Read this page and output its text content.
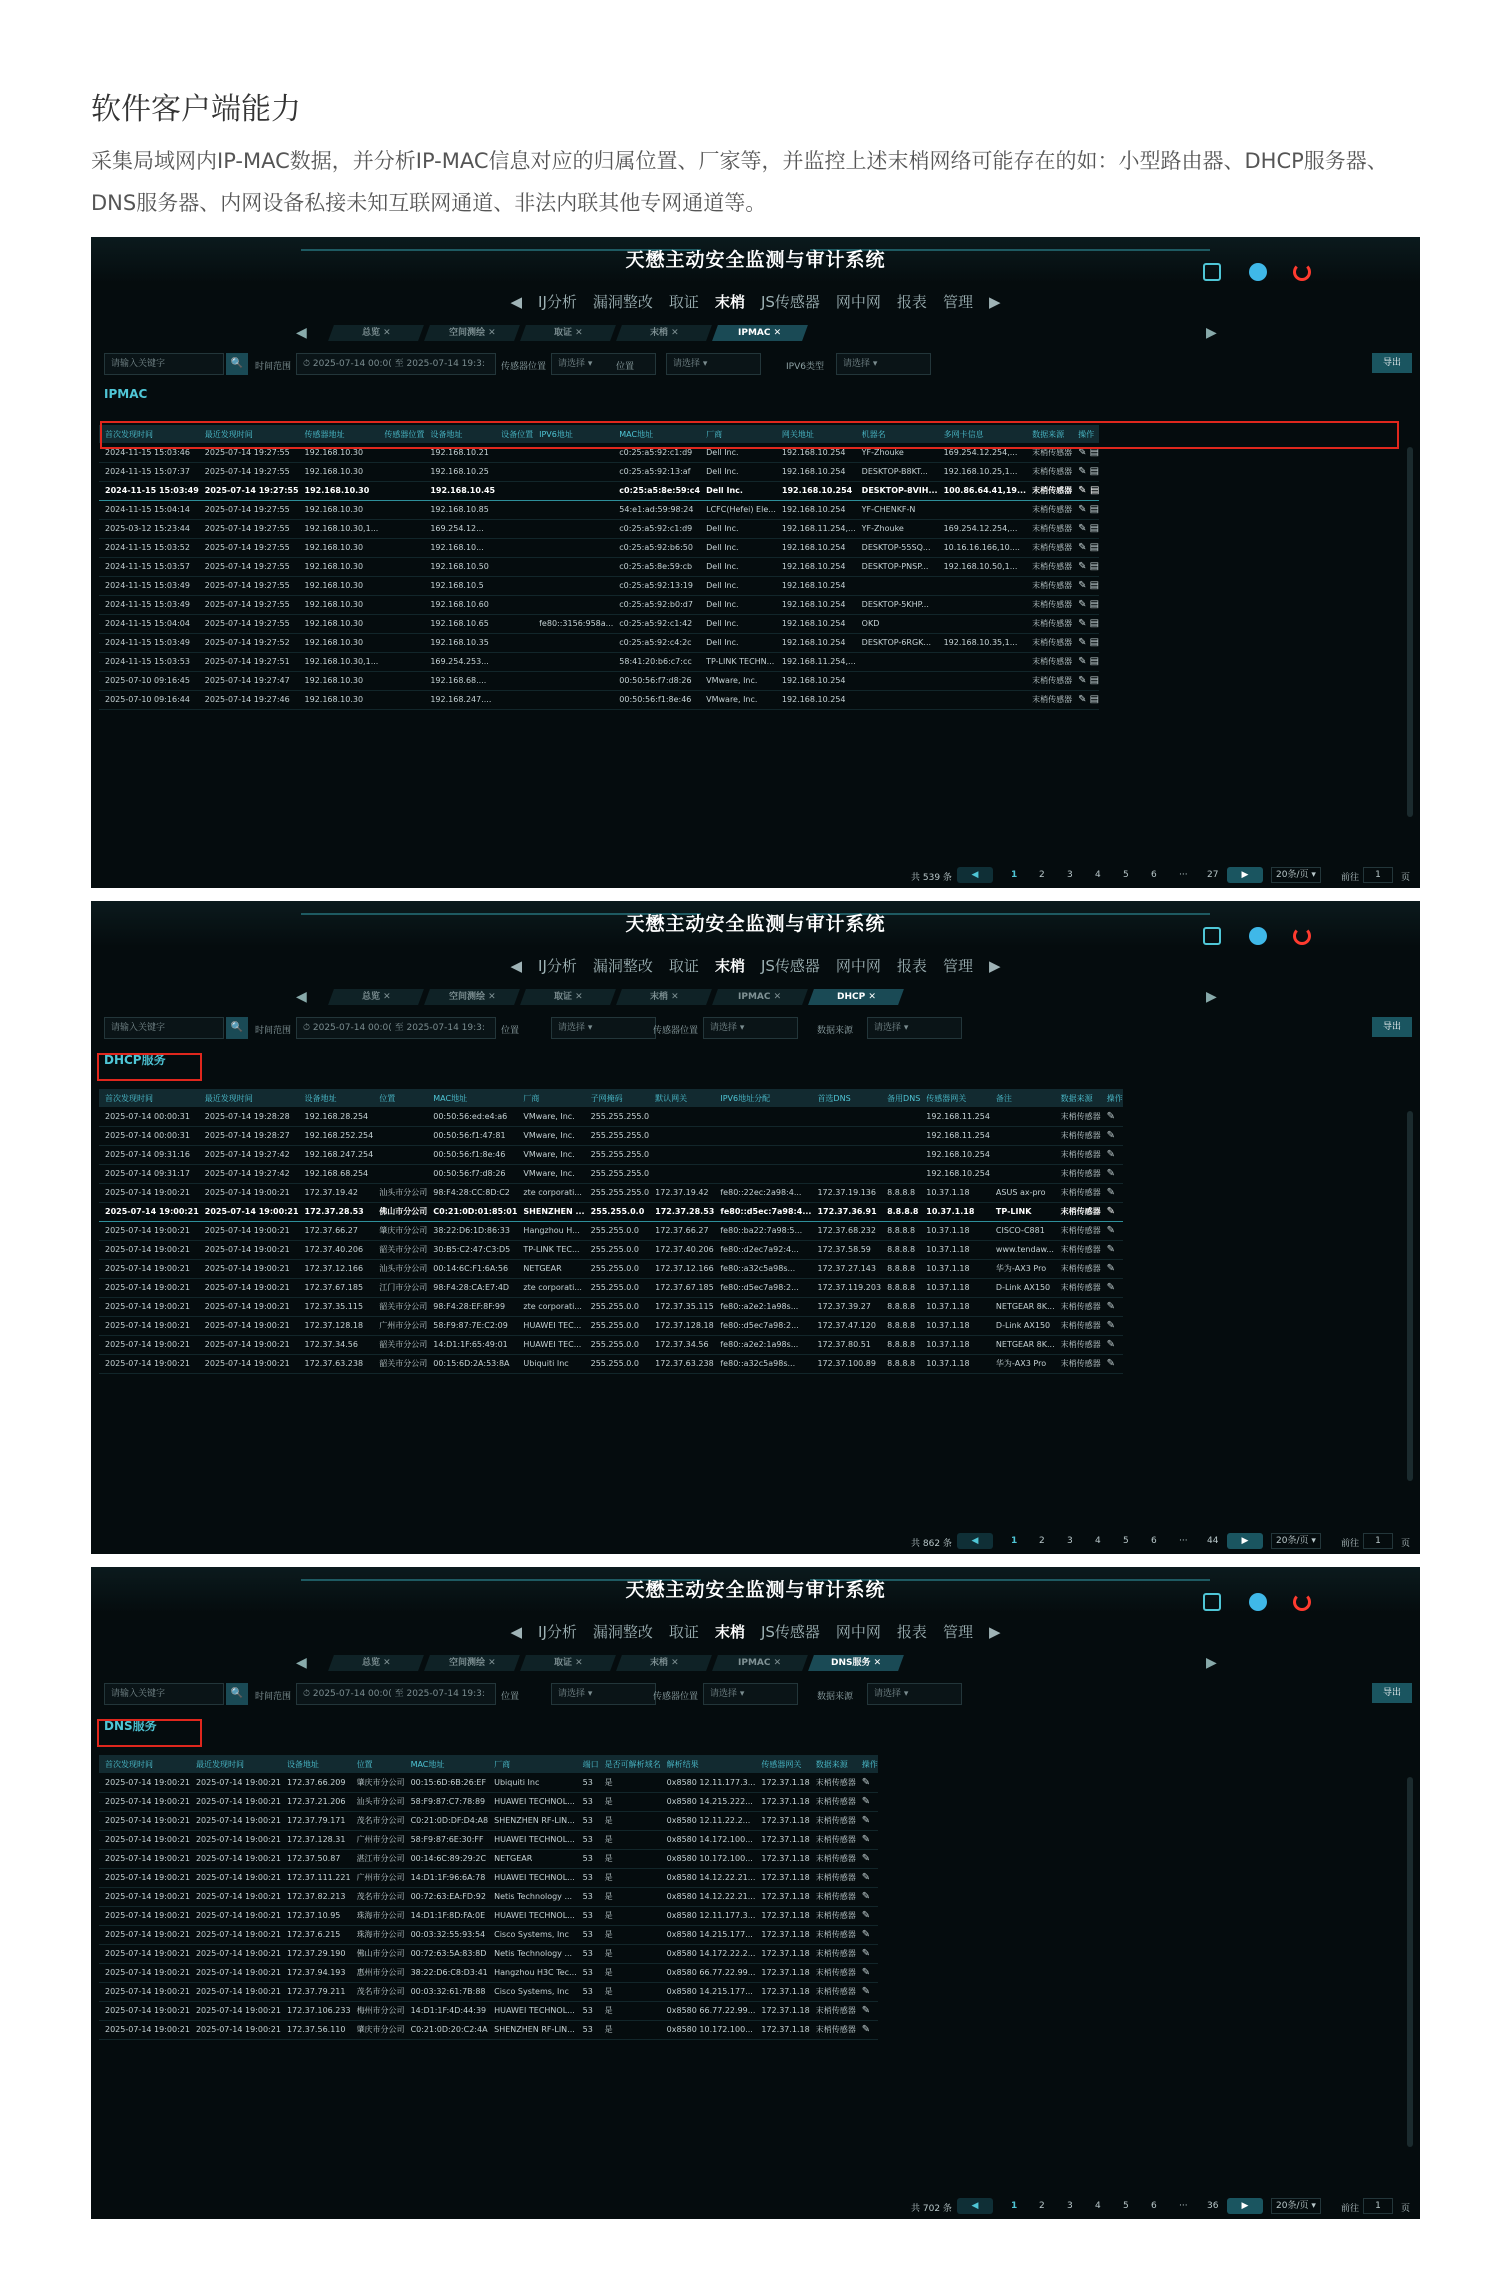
软件客户端能力
采集局域网内IP-MAC数据，并分析IP-MAC信息对应的归属位置、厂家等，并监控上述末梢网络可能存在的如：小型路由器、DHCP服务器、DNS服务器、内网设备私接未知互联网通道、非法内联其他专网通道等。
天懋主动安全监测与审计系统
◀ IJ分析 漏洞整改 取证 末梢 JS传感器 网中网 报表 管理 ▶
◀	总览 ✕	空间测绘 ✕	取证 ✕	末梢 ✕	IPMAC ✕	▶
请输入关键字	🔍	时间范围	⏱ 2025-07-14 00:0( 至 2025-07-14 19:3:	传感器位置	请选择 ▾	位置	请选择 ▾	IPV6类型	请选择 ▾	导出
IPMAC
首次发现时间	最近发现时间	传感器地址	传感器位置	设备地址	设备位置	IPV6地址	MAC地址	厂商	网关地址	机器名	多网卡信息	数据来源	操作
2024-11-15 15:03:46	2025-07-14 19:27:55	192.168.10.30		192.168.10.21			c0:25:a5:92:c1:d9	Dell Inc.	192.168.10.254	YF-Zhouke	169.254.12.254,...	末梢传感器	✎ ▤
2024-11-15 15:07:37	2025-07-14 19:27:55	192.168.10.30		192.168.10.25			c0:25:a5:92:13:af	Dell Inc.	192.168.10.254	DESKTOP-B8KT...	192.168.10.25,1...	末梢传感器	✎ ▤
2024-11-15 15:03:49	2025-07-14 19:27:55	192.168.10.30		192.168.10.45			c0:25:a5:8e:59:c4	Dell Inc.	192.168.10.254	DESKTOP-8VIH...	100.86.64.41,19...	末梢传感器	✎ ▤
2024-11-15 15:04:14	2025-07-14 19:27:55	192.168.10.30		192.168.10.85			54:e1:ad:59:98:24	LCFC(Hefei) Ele...	192.168.10.254	YF-CHENKF-N		末梢传感器	✎ ▤
2025-03-12 15:23:44	2025-07-14 19:27:55	192.168.10.30,1...		169.254.12...			c0:25:a5:92:c1:d9	Dell Inc.	192.168.11.254,...	YF-Zhouke	169.254.12.254,...	末梢传感器	✎ ▤
2024-11-15 15:03:52	2025-07-14 19:27:55	192.168.10.30		192.168.10...			c0:25:a5:92:b6:50	Dell Inc.	192.168.10.254	DESKTOP-55SQ...	10.16.16.166,10....	末梢传感器	✎ ▤
2024-11-15 15:03:57	2025-07-14 19:27:55	192.168.10.30		192.168.10.50			c0:25:a5:8e:59:cb	Dell Inc.	192.168.10.254	DESKTOP-PNSP...	192.168.10.50,1...	末梢传感器	✎ ▤
2024-11-15 15:03:49	2025-07-14 19:27:55	192.168.10.30		192.168.10.5			c0:25:a5:92:13:19	Dell Inc.	192.168.10.254			末梢传感器	✎ ▤
2024-11-15 15:03:49	2025-07-14 19:27:55	192.168.10.30		192.168.10.60			c0:25:a5:92:b0:d7	Dell Inc.	192.168.10.254	DESKTOP-5KHP...		末梢传感器	✎ ▤
2024-11-15 15:04:04	2025-07-14 19:27:55	192.168.10.30		192.168.10.65		fe80::3156:958a...	c0:25:a5:92:c1:42	Dell Inc.	192.168.10.254	OKD		末梢传感器	✎ ▤
2024-11-15 15:03:49	2025-07-14 19:27:52	192.168.10.30		192.168.10.35			c0:25:a5:92:c4:2c	Dell Inc.	192.168.10.254	DESKTOP-6RGK...	192.168.10.35,1...	末梢传感器	✎ ▤
2024-11-15 15:03:53	2025-07-14 19:27:51	192.168.10.30,1...		169.254.253...			58:41:20:b6:c7:cc	TP-LINK TECHN...	192.168.11.254,...			末梢传感器	✎ ▤
2025-07-10 09:16:45	2025-07-14 19:27:47	192.168.10.30		192.168.68....			00:50:56:f7:d8:26	VMware, Inc.	192.168.10.254			末梢传感器	✎ ▤
2025-07-10 09:16:44	2025-07-14 19:27:46	192.168.10.30		192.168.247....			00:50:56:f1:8e:46	VMware, Inc.	192.168.10.254			末梢传感器	✎ ▤
共 539 条	◀	1 2 3 4 5 6 ··· 27	▶	20条/页 ▾	前往	1	页
天懋主动安全监测与审计系统
◀ IJ分析 漏洞整改 取证 末梢 JS传感器 网中网 报表 管理 ▶
◀	总览 ✕	空间测绘 ✕	取证 ✕	末梢 ✕	IPMAC ✕	DHCP ✕	▶
请输入关键字	🔍	时间范围	⏱ 2025-07-14 00:0( 至 2025-07-14 19:3:	位置	请选择 ▾	传感器位置	请选择 ▾	数据来源	请选择 ▾	导出
DHCP服务
首次发现时间	最近发现时间	设备地址	位置	MAC地址	厂商	子网掩码	默认网关	IPV6地址分配	首选DNS	备用DNS	传感器网关	备注	数据来源	操作
2025-07-14 00:00:31	2025-07-14 19:28:28	192.168.28.254		00:50:56:ed:e4:a6	VMware, Inc.	255.255.255.0					192.168.11.254		末梢传感器	✎
2025-07-14 00:00:31	2025-07-14 19:28:27	192.168.252.254		00:50:56:f1:47:81	VMware, Inc.	255.255.255.0					192.168.11.254		末梢传感器	✎
2025-07-14 09:31:16	2025-07-14 19:27:42	192.168.247.254		00:50:56:f1:8e:46	VMware, Inc.	255.255.255.0					192.168.10.254		末梢传感器	✎
2025-07-14 09:31:17	2025-07-14 19:27:42	192.168.68.254		00:50:56:f7:d8:26	VMware, Inc.	255.255.255.0					192.168.10.254		末梢传感器	✎
2025-07-14 19:00:21	2025-07-14 19:00:21	172.37.19.42	汕头市分公司	98:F4:28:CC:8D:C2	zte corporati...	255.255.255.0	172.37.19.42	fe80::22ec:2a98:4...	172.37.19.136	8.8.8.8	10.37.1.18	ASUS ax-pro	末梢传感器	✎
2025-07-14 19:00:21	2025-07-14 19:00:21	172.37.28.53	佛山市分公司	C0:21:0D:01:85:01	SHENZHEN ...	255.255.0.0	172.37.28.53	fe80::d5ec:7a98:4...	172.37.36.91	8.8.8.8	10.37.1.18	TP-LINK	末梢传感器	✎
2025-07-14 19:00:21	2025-07-14 19:00:21	172.37.66.27	肇庆市分公司	38:22:D6:1D:86:33	Hangzhou H...	255.255.0.0	172.37.66.27	fe80::ba22:7a98:5...	172.37.68.232	8.8.8.8	10.37.1.18	CISCO-C881	末梢传感器	✎
2025-07-14 19:00:21	2025-07-14 19:00:21	172.37.40.206	韶关市分公司	30:B5:C2:47:C3:D5	TP-LINK TEC...	255.255.0.0	172.37.40.206	fe80::d2ec7a92:4...	172.37.58.59	8.8.8.8	10.37.1.18	www.tendaw...	末梢传感器	✎
2025-07-14 19:00:21	2025-07-14 19:00:21	172.37.12.166	汕头市分公司	00:14:6C:F1:6A:56	NETGEAR	255.255.0.0	172.37.12.166	fe80::a32c5a98s...	172.37.27.143	8.8.8.8	10.37.1.18	华为-AX3 Pro	末梢传感器	✎
2025-07-14 19:00:21	2025-07-14 19:00:21	172.37.67.185	江门市分公司	98:F4:28:CA:E7:4D	zte corporati...	255.255.0.0	172.37.67.185	fe80::d5ec7a98:2...	172.37.119.203	8.8.8.8	10.37.1.18	D-Link AX150	末梢传感器	✎
2025-07-14 19:00:21	2025-07-14 19:00:21	172.37.35.115	韶关市分公司	98:F4:28:EF:8F:99	zte corporati...	255.255.0.0	172.37.35.115	fe80::a2e2:1a98s...	172.37.39.27	8.8.8.8	10.37.1.18	NETGEAR 8K...	末梢传感器	✎
2025-07-14 19:00:21	2025-07-14 19:00:21	172.37.128.18	广州市分公司	58:F9:87:7E:C2:09	HUAWEI TEC...	255.255.0.0	172.37.128.18	fe80::d5ec7a98:2...	172.37.47.120	8.8.8.8	10.37.1.18	D-Link AX150	末梢传感器	✎
2025-07-14 19:00:21	2025-07-14 19:00:21	172.37.34.56	韶关市分公司	14:D1:1F:65:49:01	HUAWEI TEC...	255.255.0.0	172.37.34.56	fe80::a2e2:1a98s...	172.37.80.51	8.8.8.8	10.37.1.18	NETGEAR 8K...	末梢传感器	✎
2025-07-14 19:00:21	2025-07-14 19:00:21	172.37.63.238	韶关市分公司	00:15:6D:2A:53:8A	Ubiquiti Inc	255.255.0.0	172.37.63.238	fe80::a32c5a98s...	172.37.100.89	8.8.8.8	10.37.1.18	华为-AX3 Pro	末梢传感器	✎
共 862 条	◀	1 2 3 4 5 6 ··· 44	▶	20条/页 ▾	前往	1	页
天懋主动安全监测与审计系统
◀ IJ分析 漏洞整改 取证 末梢 JS传感器 网中网 报表 管理 ▶
◀	总览 ✕	空间测绘 ✕	取证 ✕	末梢 ✕	IPMAC ✕	DNS服务 ✕	▶
请输入关键字	🔍	时间范围	⏱ 2025-07-14 00:0( 至 2025-07-14 19:3:	位置	请选择 ▾	传感器位置	请选择 ▾	数据来源	请选择 ▾	导出
DNS服务
首次发现时间	最近发现时间	设备地址	位置	MAC地址	厂商	端口	是否可解析域名	解析结果	传感器网关	数据来源	操作
2025-07-14 19:00:21	2025-07-14 19:00:21	172.37.66.209	肇庆市分公司	00:15:6D:6B:26:EF	Ubiquiti Inc	53	是	0x8580 12.11.177.3...	172.37.1.18	末梢传感器	✎
2025-07-14 19:00:21	2025-07-14 19:00:21	172.37.21.206	汕头市分公司	58:F9:87:C7:78:89	HUAWEI TECHNOL...	53	是	0x8580 14.215.222...	172.37.1.18	末梢传感器	✎
2025-07-14 19:00:21	2025-07-14 19:00:21	172.37.79.171	茂名市分公司	C0:21:0D:DF:D4:A8	SHENZHEN RF-LIN...	53	是	0x8580 12.11.22.2...	172.37.1.18	末梢传感器	✎
2025-07-14 19:00:21	2025-07-14 19:00:21	172.37.128.31	广州市分公司	58:F9:87:6E:30:FF	HUAWEI TECHNOL...	53	是	0x8580 14.172.100...	172.37.1.18	末梢传感器	✎
2025-07-14 19:00:21	2025-07-14 19:00:21	172.37.50.87	湛江市分公司	00:14:6C:89:29:2C	NETGEAR	53	是	0x8580 10.172.100...	172.37.1.18	末梢传感器	✎
2025-07-14 19:00:21	2025-07-14 19:00:21	172.37.111.221	广州市分公司	14:D1:1F:96:6A:78	HUAWEI TECHNOL...	53	是	0x8580 14.12.22.21...	172.37.1.18	末梢传感器	✎
2025-07-14 19:00:21	2025-07-14 19:00:21	172.37.82.213	茂名市分公司	00:72:63:EA:FD:92	Netis Technology ...	53	是	0x8580 14.12.22.21...	172.37.1.18	末梢传感器	✎
2025-07-14 19:00:21	2025-07-14 19:00:21	172.37.10.95	珠海市分公司	14:D1:1F:8D:FA:0E	HUAWEI TECHNOL...	53	是	0x8580 12.11.177.3...	172.37.1.18	末梢传感器	✎
2025-07-14 19:00:21	2025-07-14 19:00:21	172.37.6.215	珠海市分公司	00:03:32:55:93:54	Cisco Systems, Inc	53	是	0x8580 14.215.177...	172.37.1.18	末梢传感器	✎
2025-07-14 19:00:21	2025-07-14 19:00:21	172.37.29.190	佛山市分公司	00:72:63:5A:83:8D	Netis Technology ...	53	是	0x8580 14.172.22.2...	172.37.1.18	末梢传感器	✎
2025-07-14 19:00:21	2025-07-14 19:00:21	172.37.94.193	惠州市分公司	38:22:D6:C8:D3:41	Hangzhou H3C Tec...	53	是	0x8580 66.77.22.99...	172.37.1.18	末梢传感器	✎
2025-07-14 19:00:21	2025-07-14 19:00:21	172.37.79.211	茂名市分公司	00:03:32:61:7B:88	Cisco Systems, Inc	53	是	0x8580 14.215.177...	172.37.1.18	末梢传感器	✎
2025-07-14 19:00:21	2025-07-14 19:00:21	172.37.106.233	梅州市分公司	14:D1:1F:4D:44:39	HUAWEI TECHNOL...	53	是	0x8580 66.77.22.99...	172.37.1.18	末梢传感器	✎
2025-07-14 19:00:21	2025-07-14 19:00:21	172.37.56.110	肇庆市分公司	C0:21:0D:20:C2:4A	SHENZHEN RF-LIN...	53	是	0x8580 10.172.100...	172.37.1.18	末梢传感器	✎
共 702 条	◀	1 2 3 4 5 6 ··· 36	▶	20条/页 ▾	前往	1	页
